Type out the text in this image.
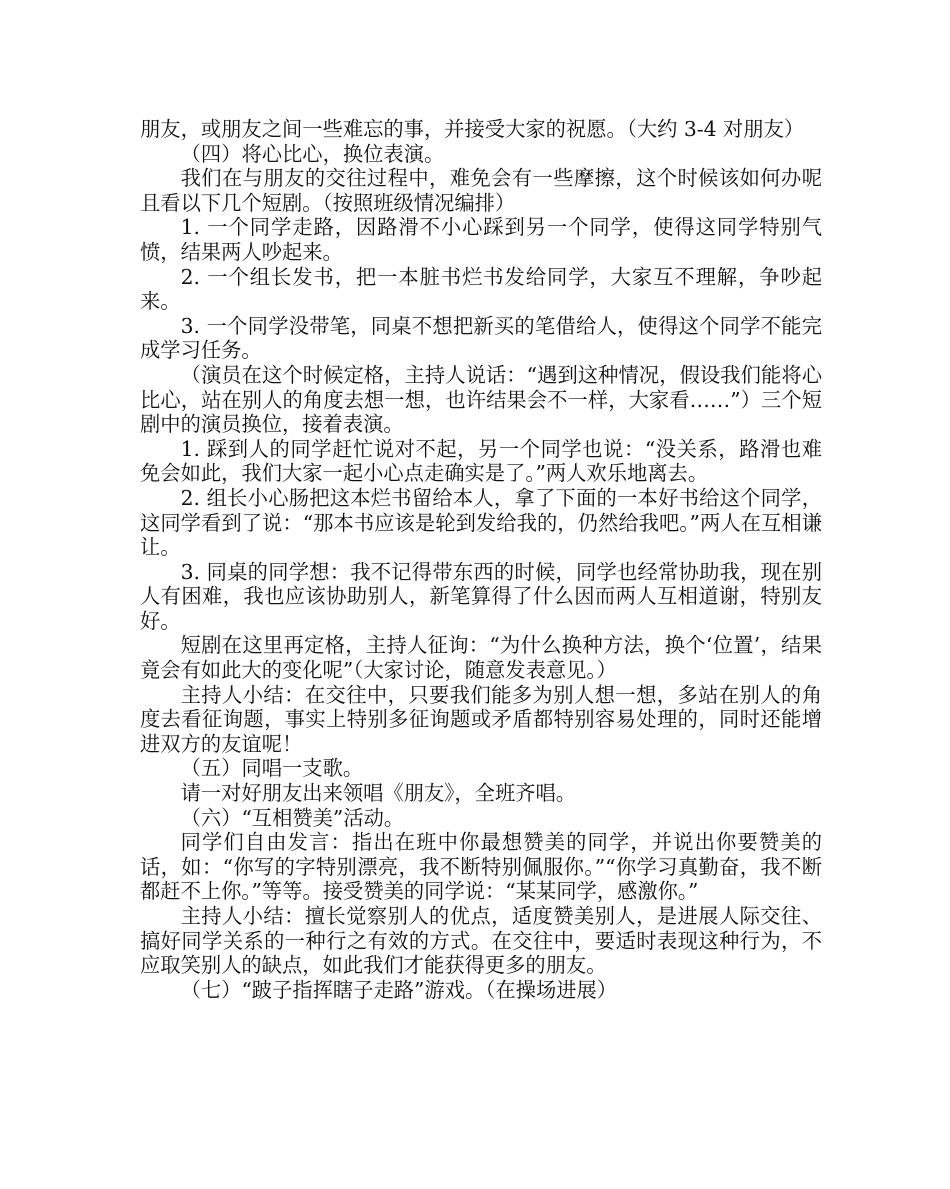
朋友，或朋友之间一些难忘的事，并接受大家的祝愿。（大约 3-4 对朋友）

（四）将心比心，换位表演。

我们在与朋友的交往过程中，难免会有一些摩擦，这个时候该如何办呢且看以下几个短剧。（按照班级情况编排）

1. 一个同学走路，因路滑不小心踩到另一个同学，使得这同学特别气愤，结果两人吵起来。

2. 一个组长发书，把一本脏书烂书发给同学，大家互不理解，争吵起来。

3. 一个同学没带笔，同桌不想把新买的笔借给人，使得这个同学不能完成学习任务。

（演员在这个时候定格，主持人说话：“遇到这种情况，假设我们能将心比心，站在别人的角度去想一想，也许结果会不一样，大家看……”）三个短剧中的演员换位，接着表演。

1. 踩到人的同学赶忙说对不起，另一个同学也说：“没关系，路滑也难免会如此，我们大家一起小心点走确实是了。”两人欢乐地离去。

2. 组长小心肠把这本烂书留给本人，拿了下面的一本好书给这个同学，这同学看到了说：“那本书应该是轮到发给我的，仍然给我吧。”两人在互相谦让。

3. 同桌的同学想：我不记得带东西的时候，同学也经常协助我，现在别人有困难，我也应该协助别人，新笔算得了什么因而两人互相道谢，特别友好。

短剧在这里再定格，主持人征询：“为什么换种方法，换个‘位置’，结果竟会有如此大的变化呢”（大家讨论，随意发表意见。）

主持人小结：在交往中，只要我们能多为别人想一想，多站在别人的角度去看征询题，事实上特别多征询题或矛盾都特别容易处理的，同时还能增进双方的友谊呢！

（五）同唱一支歌。

请一对好朋友出来领唱《朋友》，全班齐唱。

（六）“互相赞美”活动。

同学们自由发言：指出在班中你最想赞美的同学，并说出你要赞美的话，如：“你写的字特别漂亮，我不断特别佩服你。”“你学习真勤奋，我不断都赶不上你。”等等。接受赞美的同学说：“某某同学，感激你。”

主持人小结：擅长觉察别人的优点，适度赞美别人，是进展人际交往、搞好同学关系的一种行之有效的方式。在交往中，要适时表现这种行为，不应取笑别人的缺点，如此我们才能获得更多的朋友。

（七）“跛子指挥瞎子走路”游戏。（在操场进展）
